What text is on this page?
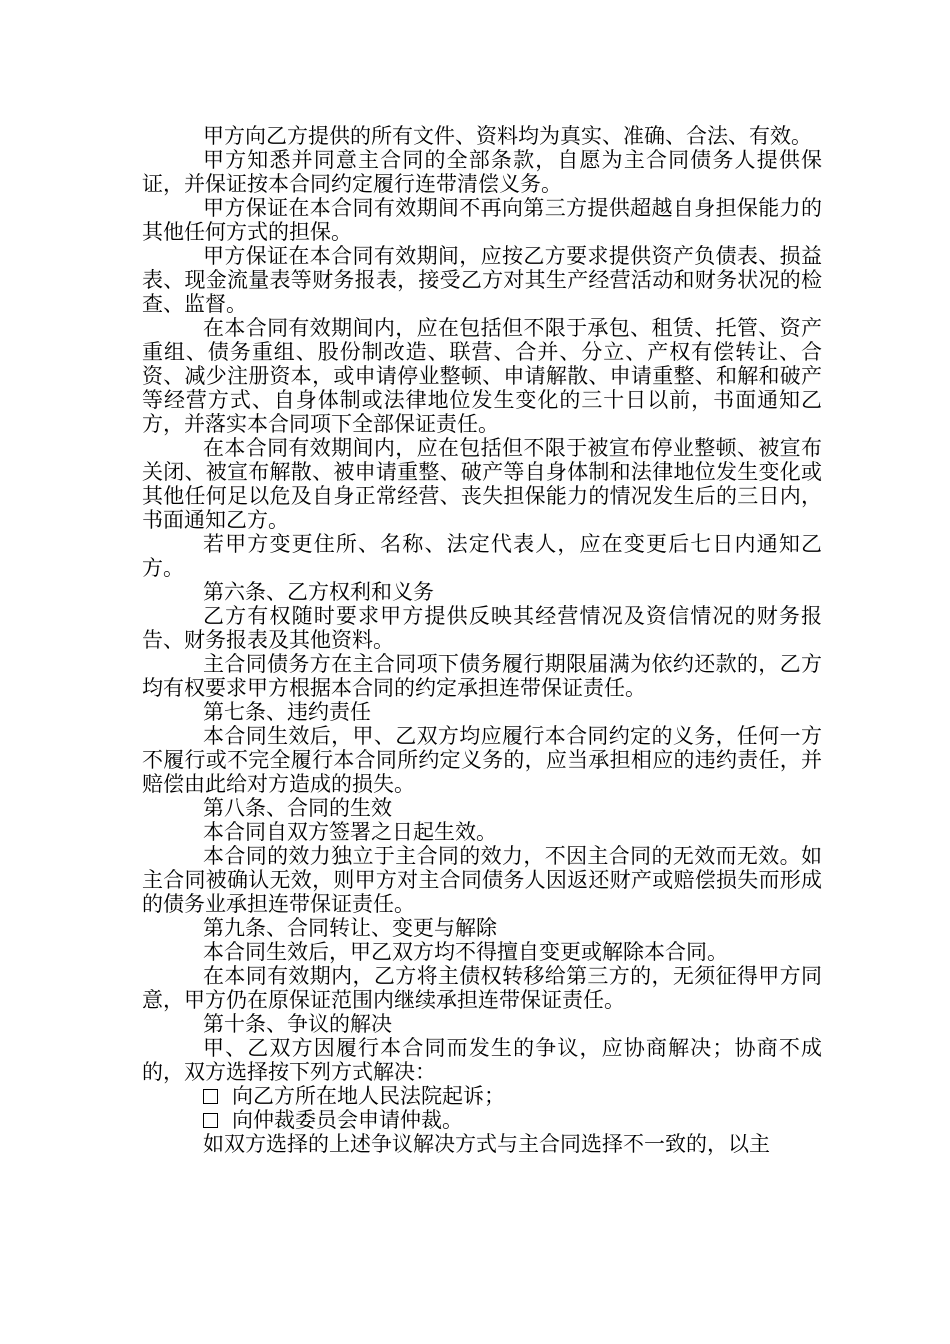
甲方向乙方提供的所有文件、资料均为真实、准确、合法、有效。

甲方知悉并同意主合同的全部条款，自愿为主合同债务人提供保证，并保证按本合同约定履行连带清偿义务。

甲方保证在本合同有效期间不再向第三方提供超越自身担保能力的其他任何方式的担保。

甲方保证在本合同有效期间，应按乙方要求提供资产负债表、损益表、现金流量表等财务报表，接受乙方对其生产经营活动和财务状况的检查、监督。

在本合同有效期间内，应在包括但不限于承包、租赁、托管、资产重组、债务重组、股份制改造、联营、合并、分立、产权有偿转让、合资、减少注册资本，或申请停业整顿、申请解散、申请重整、和解和破产等经营方式、自身体制或法律地位发生变化的三十日以前，书面通知乙方，并落实本合同项下全部保证责任。

在本合同有效期间内，应在包括但不限于被宣布停业整顿、被宣布关闭、被宣布解散、被申请重整、破产等自身体制和法律地位发生变化或其他任何足以危及自身正常经营、丧失担保能力的情况发生后的三日内，书面通知乙方。

若甲方变更住所、名称、法定代表人，应在变更后七日内通知乙方。

第六条、乙方权利和义务

乙方有权随时要求甲方提供反映其经营情况及资信情况的财务报告、财务报表及其他资料。

主合同债务方在主合同项下债务履行期限届满为依约还款的，乙方均有权要求甲方根据本合同的约定承担连带保证责任。

第七条、违约责任

本合同生效后，甲、乙双方均应履行本合同约定的义务，任何一方不履行或不完全履行本合同所约定义务的，应当承担相应的违约责任，并赔偿由此给对方造成的损失。

第八条、合同的生效

本合同自双方签署之日起生效。

本合同的效力独立于主合同的效力，不因主合同的无效而无效。如主合同被确认无效，则甲方对主合同债务人因返还财产或赔偿损失而形成的债务业承担连带保证责任。

第九条、合同转让、变更与解除

本合同生效后，甲乙双方均不得擅自变更或解除本合同。

在本同有效期内，乙方将主债权转移给第三方的，无须征得甲方同意，甲方仍在原保证范围内继续承担连带保证责任。

第十条、争议的解决

甲、乙双方因履行本合同而发生的争议，应协商解决；协商不成的，双方选择按下列方式解决：

向乙方所在地人民法院起诉；

向仲裁委员会申请仲裁。

如双方选择的上述争议解决方式与主合同选择不一致的，以主
